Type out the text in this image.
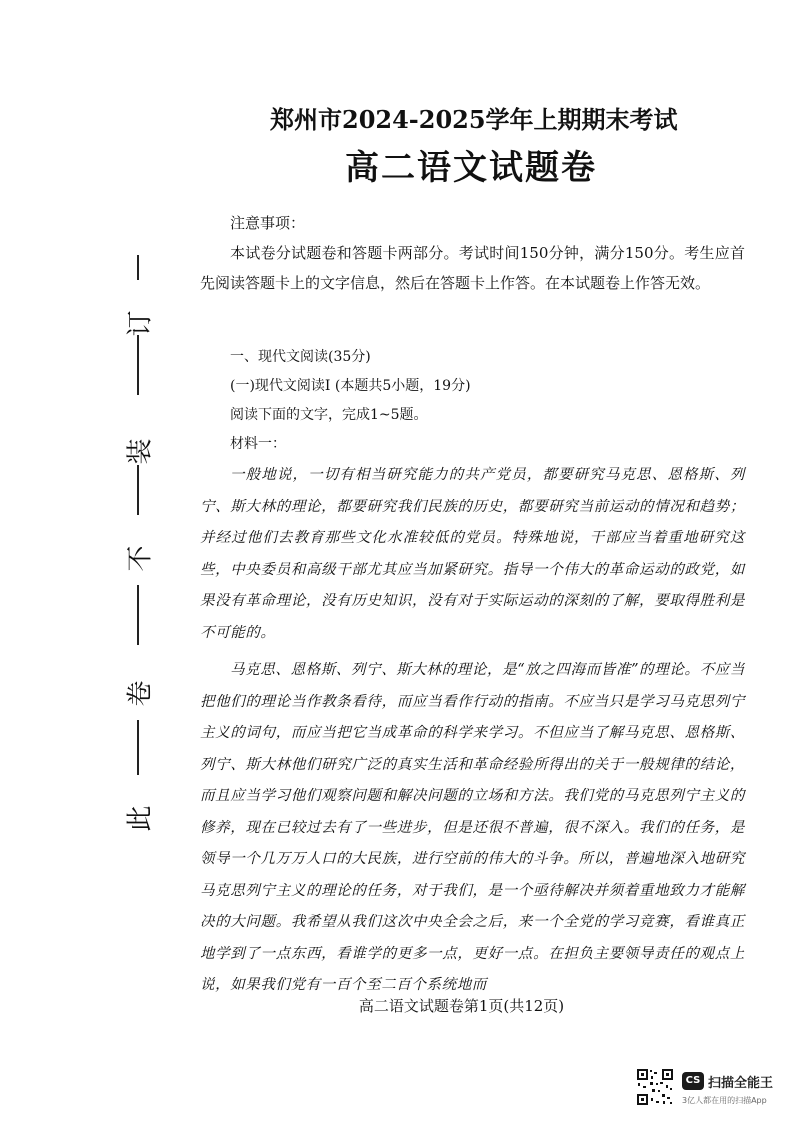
郑州市2024-2025学年上期期末考试
高二语文试题卷

注意事项：

本试卷分试题卷和答题卡两部分。考试时间150分钟，满分150分。考生应首先阅读答题卡上的文字信息，然后在答题卡上作答。在本试题卷上作答无效。

一、现代文阅读(35分)

(一)现代文阅读I (本题共5小题，19分)

阅读下面的文字，完成1~5题。

材料一：

一般地说，一切有相当研究能力的共产党员，都要研究马克思、恩格斯、列宁、斯大林的理论，都要研究我们民族的历史，都要研究当前运动的情况和趋势；并经过他们去教育那些文化水准较低的党员。特殊地说，干部应当着重地研究这些，中央委员和高级干部尤其应当加紧研究。指导一个伟大的革命运动的政党，如果没有革命理论，没有历史知识，没有对于实际运动的深刻的了解，要取得胜利是不可能的。

马克思、恩格斯、列宁、斯大林的理论，是“放之四海而皆准”的理论。不应当把他们的理论当作教条看待，而应当看作行动的指南。不应当只是学习马克思列宁主义的词句，而应当把它当成革命的科学来学习。不但应当了解马克思、恩格斯、列宁、斯大林他们研究广泛的真实生活和革命经验所得出的关于一般规律的结论，而且应当学习他们观察问题和解决问题的立场和方法。我们党的马克思列宁主义的修养，现在已较过去有了一些进步，但是还很不普遍，很不深入。我们的任务，是领导一个几万万人口的大民族，进行空前的伟大的斗争。所以，普遍地深入地研究马克思列宁主义的理论的任务，对于我们，是一个亟待解决并须着重地致力才能解决的大问题。我希望从我们这次中央全会之后，来一个全党的学习竞赛，看谁真正地学到了一点东西，看谁学的更多一点，更好一点。在担负主要领导责任的观点上说，如果我们党有一百个至二百个系统地而

高二语文试题卷第1页(共12页)
此
卷
不
装
订
CS 扫描全能王
3亿人都在用的扫描App
